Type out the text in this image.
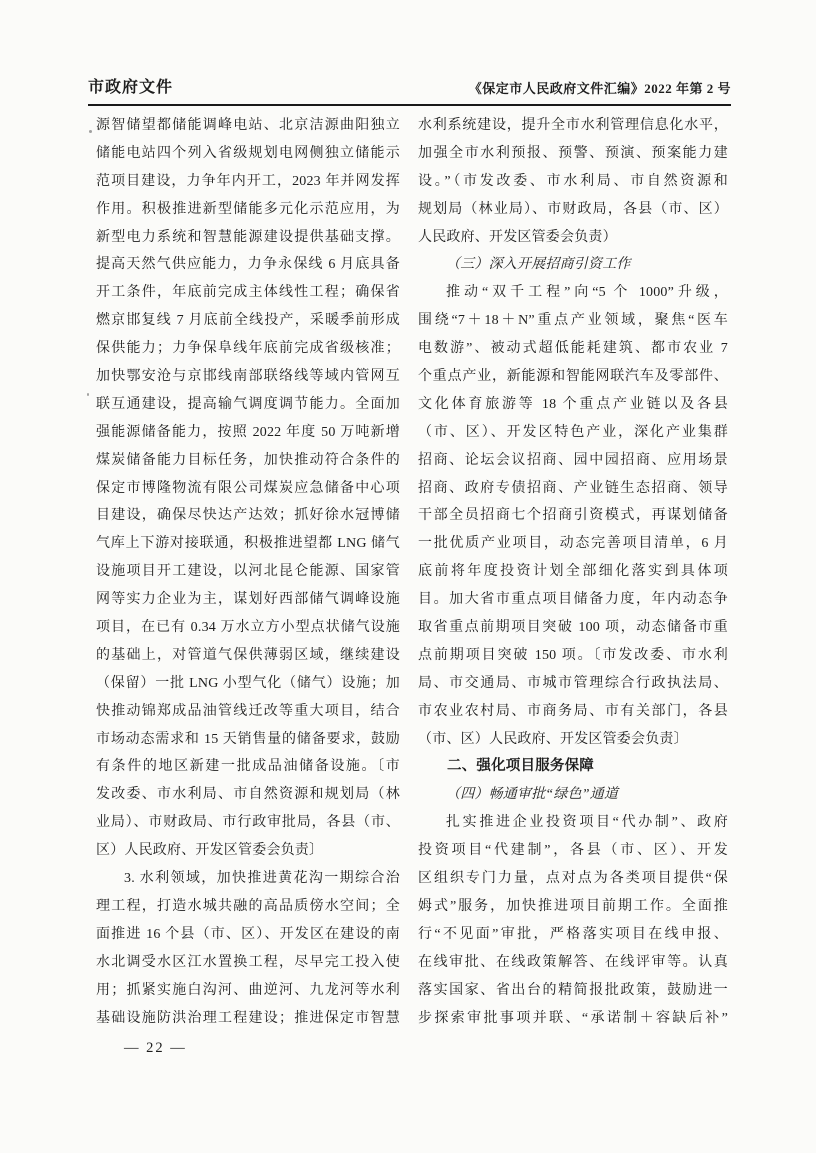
市政府文件	《保定市人民政府文件汇编》2022 年第 2 号
源智储望都储能调峰电站、北京洁源曲阳独立
储能电站四个列入省级规划电网侧独立储能示
范项目建设，力争年内开工，2023 年并网发挥
作用。积极推进新型储能多元化示范应用，为
新型电力系统和智慧能源建设提供基础支撑。
提高天然气供应能力，力争永保线 6 月底具备
开工条件，年底前完成主体线性工程；确保省
燃京邯复线 7 月底前全线投产，采暖季前形成
保供能力；力争保阜线年底前完成省级核准；
加快鄂安沧与京邯线南部联络线等域内管网互
联互通建设，提高输气调度调节能力。全面加
强能源储备能力，按照 2022 年度 50 万吨新增
煤炭储备能力目标任务，加快推动符合条件的
保定市博隆物流有限公司煤炭应急储备中心项
目建设，确保尽快达产达效；抓好徐水冠博储
气库上下游对接联通，积极推进望都 LNG 储气
设施项目开工建设，以河北昆仑能源、国家管
网等实力企业为主，谋划好西部储气调峰设施
项目，在已有 0.34 万水立方小型点状储气设施
的基础上，对管道气保供薄弱区域，继续建设
（保留）一批 LNG 小型气化（储气）设施；加
快推动锦郑成品油管线迁改等重大项目，结合
市场动态需求和 15 天销售量的储备要求，鼓励
有条件的地区新建一批成品油储备设施。〔市
发改委、市水利局、市自然资源和规划局（林
业局）、市财政局、市行政审批局，各县（市、
区）人民政府、开发区管委会负责〕
3. 水利领域，加快推进黄花沟一期综合治
理工程，打造水城共融的高品质傍水空间；全
面推进 16 个县（市、区）、开发区在建设的南
水北调受水区江水置换工程，尽早完工投入使
用；抓紧实施白沟河、曲逆河、九龙河等水利
基础设施防洪治理工程建设；推进保定市智慧
水利系统建设，提升全市水利管理信息化水平，
加强全市水利预报、预警、预演、预案能力建
设。”（市发改委、市水利局、市自然资源和
规划局（林业局）、市财政局，各县（市、区）
人民政府、开发区管委会负责）
（三）深入开展招商引资工作
推动“双千工程”向“5 个 1000”升级，
围绕“7＋18＋N”重点产业领域，聚焦“医车
电数游”、被动式超低能耗建筑、都市农业 7
个重点产业，新能源和智能网联汽车及零部件、
文化体育旅游等 18 个重点产业链以及各县
（市、区）、开发区特色产业，深化产业集群
招商、论坛会议招商、园中园招商、应用场景
招商、政府专债招商、产业链生态招商、领导
干部全员招商七个招商引资模式，再谋划储备
一批优质产业项目，动态完善项目清单，6 月
底前将年度投资计划全部细化落实到具体项
目。加大省市重点项目储备力度，年内动态争
取省重点前期项目突破 100 项，动态储备市重
点前期项目突破 150 项。〔市发改委、市水利
局、市交通局、市城市管理综合行政执法局、
市农业农村局、市商务局、市有关部门，各县
（市、区）人民政府、开发区管委会负责〕
二、强化项目服务保障
（四）畅通审批“绿色”通道
扎实推进企业投资项目“代办制”、政府
投资项目“代建制”，各县（市、区）、开发
区组织专门力量，点对点为各类项目提供“保
姆式”服务，加快推进项目前期工作。全面推
行“不见面”审批，严格落实项目在线申报、
在线审批、在线政策解答、在线评审等。认真
落实国家、省出台的精简报批政策，鼓励进一
步探索审批事项并联、“承诺制＋容缺后补”
— 22 —
